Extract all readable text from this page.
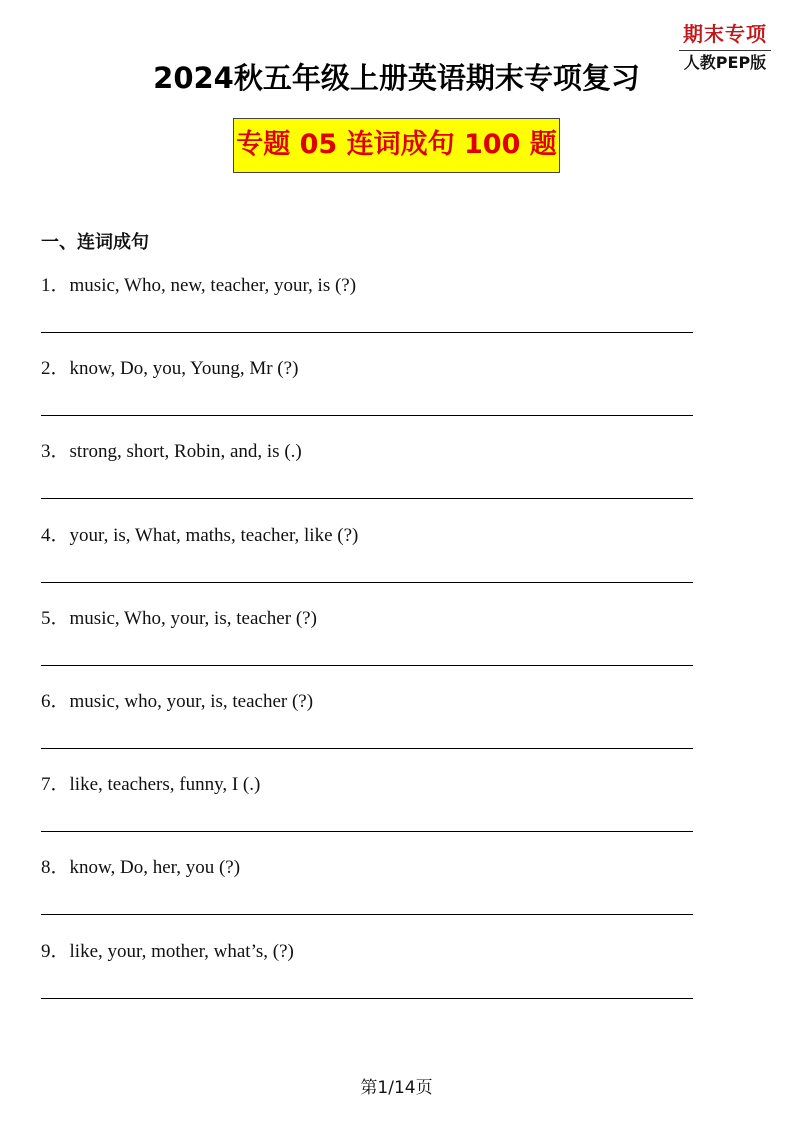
期末专项
人教PEP版
2024秋五年级上册英语期末专项复习
专题 05 连词成句 100 题
一、连词成句
1．music, Who, new, teacher, your, is (?)
2．know, Do, you, Young, Mr (?)
3．strong, short, Robin, and, is (.)
4．your, is, What, maths, teacher, like (?)
5．music, Who, your, is, teacher (?)
6．music, who, your, is, teacher (?)
7．like, teachers, funny, I (.)
8．know, Do, her, you (?)
9．like, your, mother, what’s, (?)
第1/14页
